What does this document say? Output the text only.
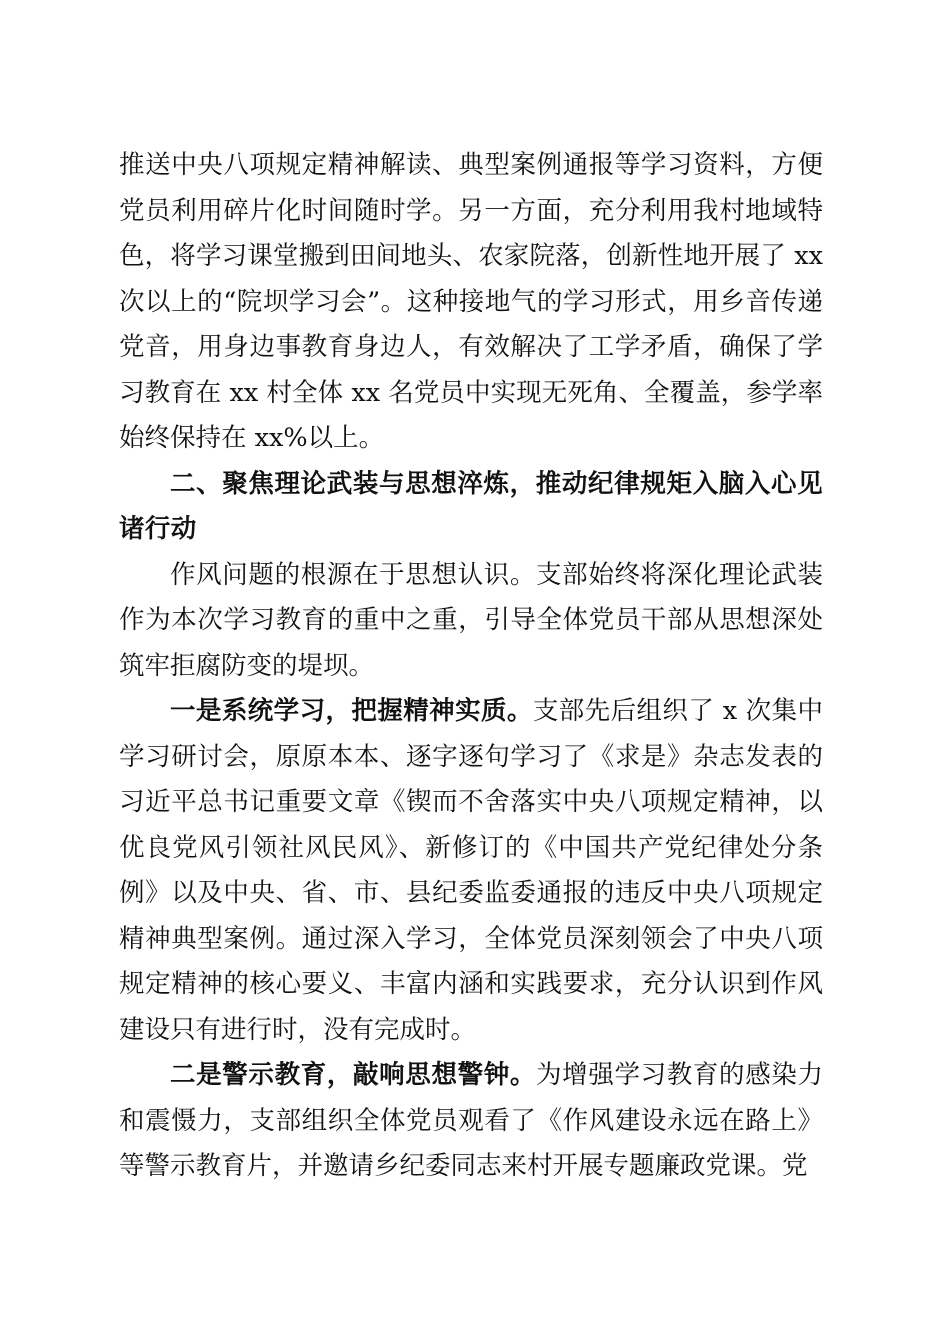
推送中央八项规定精神解读、典型案例通报等学习资料，方便党员利用碎片化时间随时学。另一方面，充分利用我村地域特色，将学习课堂搬到田间地头、农家院落，创新性地开展了 xx 次以上的“院坝学习会”。这种接地气的学习形式，用乡音传递党音，用身边事教育身边人，有效解决了工学矛盾，确保了学习教育在 xx 村全体 xx 名党员中实现无死角、全覆盖，参学率始终保持在 xx%以上。

二、聚焦理论武装与思想淬炼，推动纪律规矩入脑入心见诸行动

作风问题的根源在于思想认识。支部始终将深化理论武装作为本次学习教育的重中之重，引导全体党员干部从思想深处筑牢拒腐防变的堤坝。

一是系统学习，把握精神实质。支部先后组织了 x 次集中学习研讨会，原原本本、逐字逐句学习了《求是》杂志发表的习近平总书记重要文章《锲而不舍落实中央八项规定精神，以优良党风引领社风民风》、新修订的《中国共产党纪律处分条例》以及中央、省、市、县纪委监委通报的违反中央八项规定精神典型案例。通过深入学习，全体党员深刻领会了中央八项规定精神的核心要义、丰富内涵和实践要求，充分认识到作风建设只有进行时，没有完成时。

二是警示教育，敲响思想警钟。为增强学习教育的感染力和震慑力，支部组织全体党员观看了《作风建设永远在路上》等警示教育片，并邀请乡纪委同志来村开展专题廉政党课。党
